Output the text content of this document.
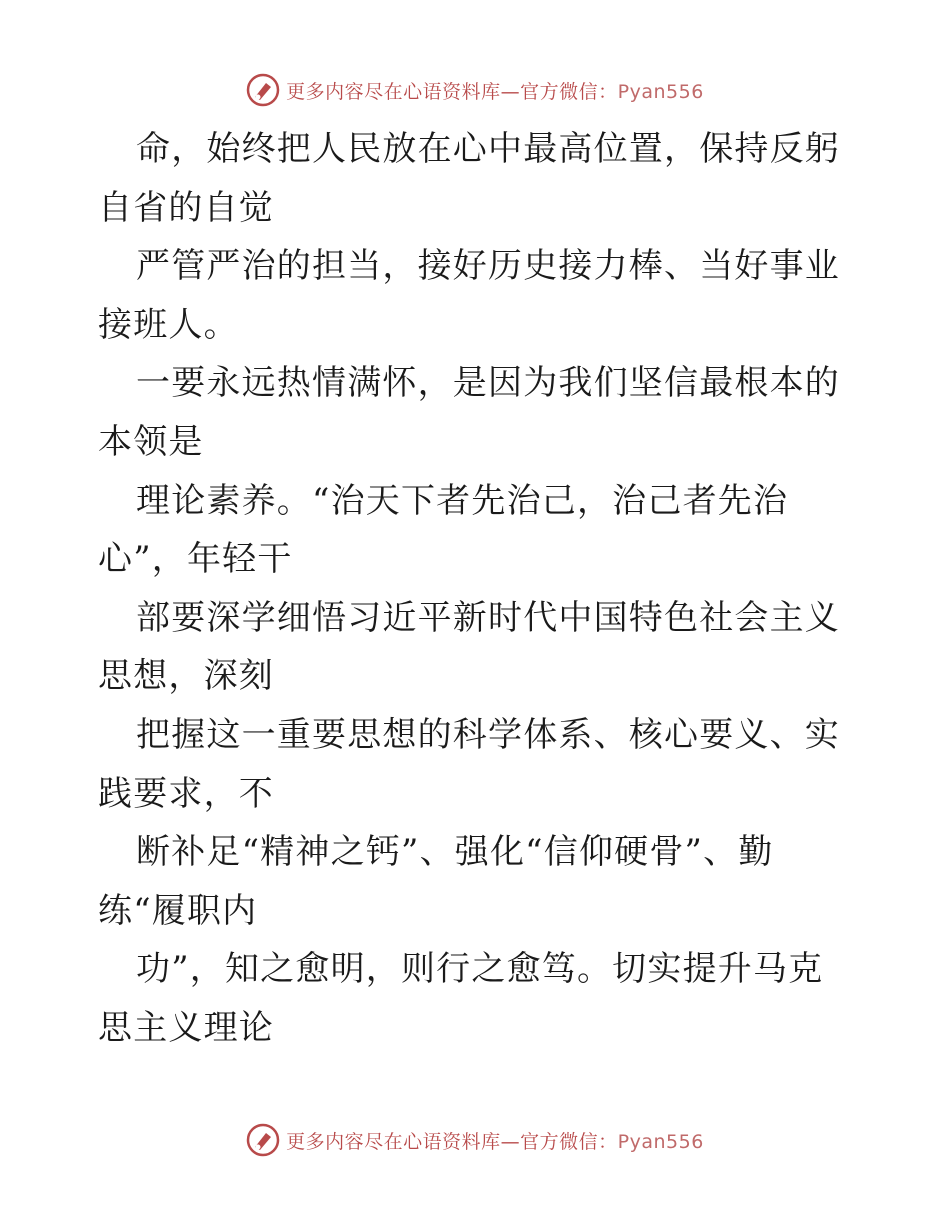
更多内容尽在心语资料库—官方微信：Pyan556

命，始终把人民放在心中最高位置，保持反躬自省的自觉

严管严治的担当，接好历史接力棒、当好事业接班人。

一要永远热情满怀，是因为我们坚信最根本的本领是

理论素养。“治天下者先治己，治己者先治
心”，年轻干

部要深学细悟习近平新时代中国特色社会主义思想，深刻

把握这一重要思想的科学体系、核心要义、实践要求，不

断补足“精神之钙”、强化“信仰硬骨”、勤
练“履职内

功”，知之愈明，则行之愈笃。切实提升马克思主义理论

更多内容尽在心语资料库—官方微信：Pyan556
